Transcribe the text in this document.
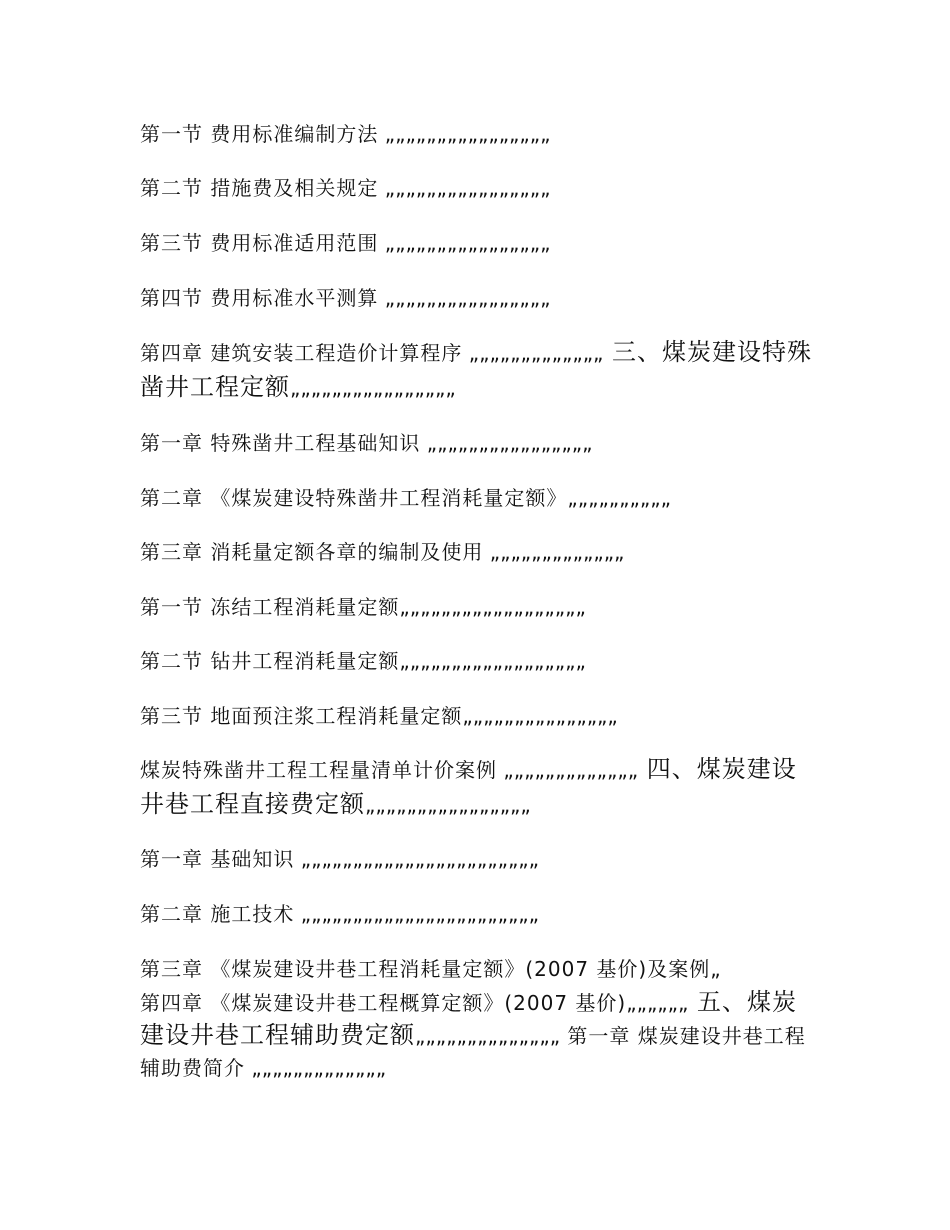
第一节 费用标准编制方法 „„„„„„„„„„„„„„„„
第二节 措施费及相关规定 „„„„„„„„„„„„„„„„
第三节 费用标准适用范围 „„„„„„„„„„„„„„„„
第四节 费用标准水平测算 „„„„„„„„„„„„„„„„
第四章 建筑安装工程造价计算程序 „„„„„„„„„„„„„ 三、煤炭建设特殊凿井工程定额„„„„„„„„„„„„„„„„
第一章 特殊凿井工程基础知识 „„„„„„„„„„„„„„„„
第二章 《煤炭建设特殊凿井工程消耗量定额》„„„„„„„„„„
第三章 消耗量定额各章的编制及使用 „„„„„„„„„„„„„
第一节 冻结工程消耗量定额„„„„„„„„„„„„„„„„„„
第二节 钻井工程消耗量定额„„„„„„„„„„„„„„„„„„
第三节 地面预注浆工程消耗量定额„„„„„„„„„„„„„„„
煤炭特殊凿井工程工程量清单计价案例 „„„„„„„„„„„„„ 四、煤炭建设井巷工程直接费定额„„„„„„„„„„„„„„„„
第一章 基础知识 „„„„„„„„„„„„„„„„„„„„„„„
第二章 施工技术 „„„„„„„„„„„„„„„„„„„„„„„
第三章 《煤炭建设井巷工程消耗量定额》(2007 基价)及案例„
第四章 《煤炭建设井巷工程概算定额》(2007 基价)„„„„„„ 五、煤炭建设井巷工程辅助费定额„„„„„„„„„„„„„„ 第一章 煤炭建设井巷工程辅助费简介 „„„„„„„„„„„„„
